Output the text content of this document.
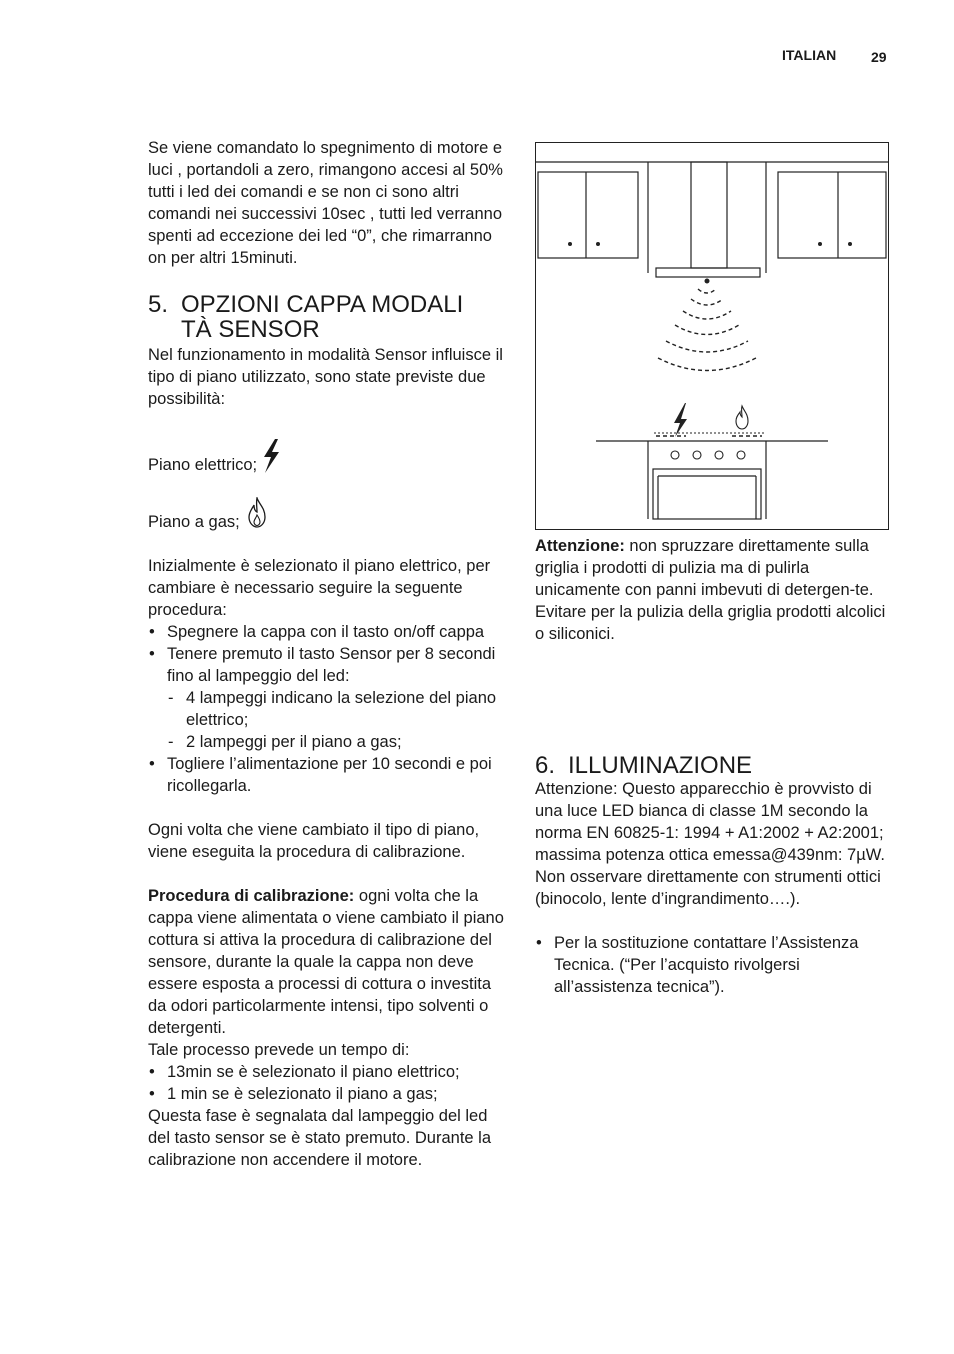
ITALIAN 29

Se viene comandato lo spegnimento di motore e luci , portandoli a zero, rimangono accesi al 50% tutti i led dei comandi e se non ci sono altri comandi nei successivi 10sec , tutti led verranno spenti ad eccezione dei led “0”, che rimarranno on per altri 15minuti.

5. OPZIONI CAPPA MODALI
TÀ SENSOR

Nel funzionamento in modalità Sensor influisce il tipo di piano utilizzato, sono state previste due possibilità:

Piano elettrico;
Piano a gas;

Inizialmente è selezionato il piano elettrico, per cambiare è necessario seguire la seguente procedura:

• Spegnere la cappa con il tasto on/off cappa
• Tenere premuto il tasto Sensor per 8 secondi fino al lampeggio del led:
- 4 lampeggi indicano la selezione del piano elettrico;
- 2 lampeggi per il piano a gas;
• Togliere l’alimentazione per 10 secondi e poi ricollegarla.

Ogni volta che viene cambiato il tipo di piano, viene eseguita la procedura di calibrazione.

Procedura di calibrazione: ogni volta che la cappa viene alimentata o viene cambiato il piano cottura si attiva la procedura di calibrazione del sensore, durante la quale la cappa non deve essere esposta a processi di cottura o investita da odori particolarmente intensi, tipo solventi o detergenti.

Tale processo prevede un tempo di:

• 13min se è selezionato il piano elettrico;
• 1 min se è selezionato il piano a gas;

Questa fase è segnalata dal lampeggio del led del tasto sensor se è stato premuto. Durante la calibrazione non accendere il motore.

Attenzione: non spruzzare direttamente sulla griglia i prodotti di pulizia ma di pulirla unicamente con panni imbevuti di detergen-te. Evitare per la pulizia della griglia prodotti alcolici o siliconici.

6. ILLUMINAZIONE

Attenzione: Questo apparecchio è provvisto di una luce LED bianca di classe 1M secondo la norma EN 60825-1: 1994 + A1:2002 + A2:2001; massima potenza ottica emessa@439nm: 7µW. Non osservare direttamente con strumenti ottici (binocolo, lente d’ingrandimento….).

• Per la sostituzione contattare l’Assistenza Tecnica. (“Per l’acquisto rivolgersi all’assistenza tecnica”).
